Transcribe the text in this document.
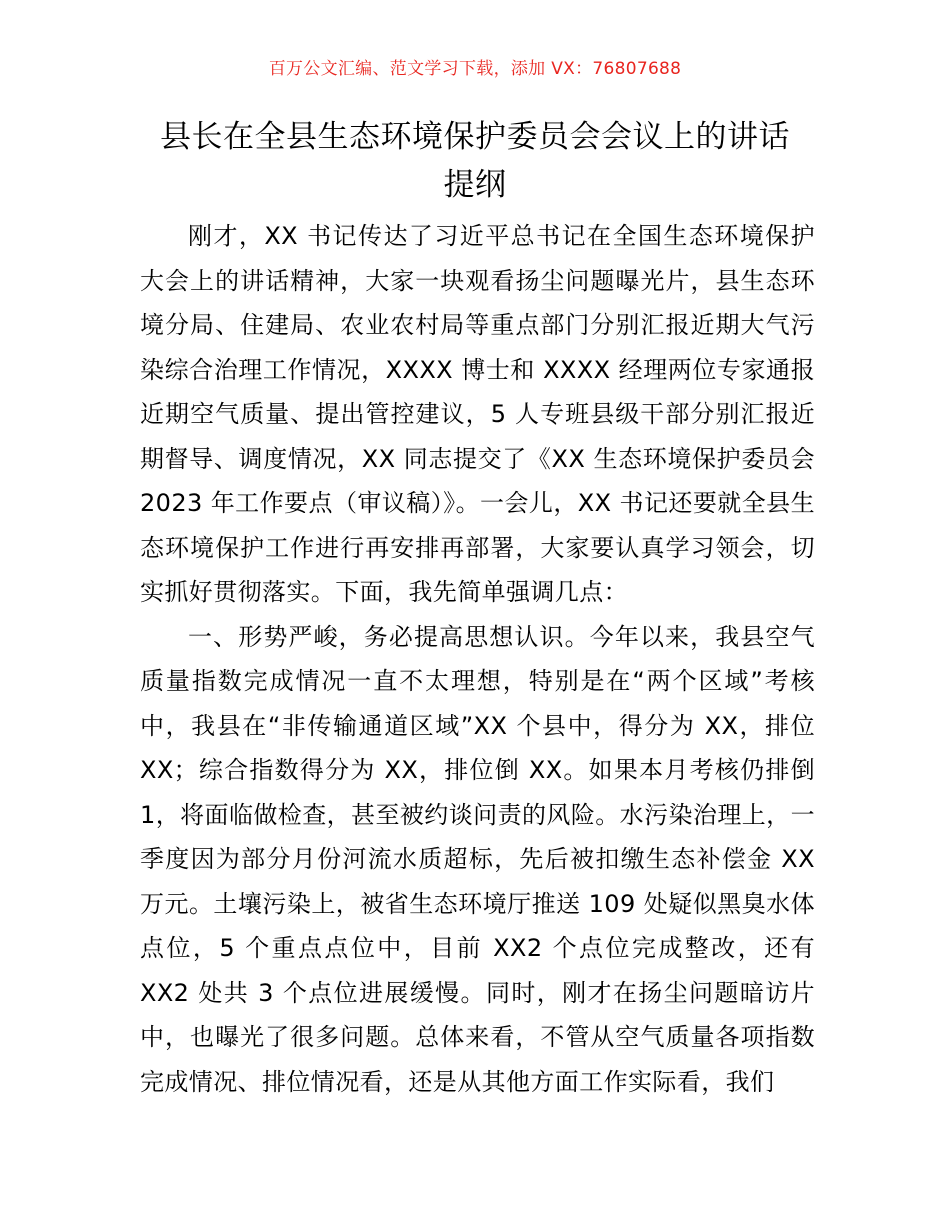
百万公文汇编、范文学习下载，添加 VX：76807688
县长在全县生态环境保护委员会会议上的讲话提纲

刚才，XX 书记传达了习近平总书记在全国生态环境保护大会上的讲话精神，大家一块观看扬尘问题曝光片，县生态环境分局、住建局、农业农村局等重点部门分别汇报近期大气污染综合治理工作情况，XXXX 博士和 XXXX 经理两位专家通报近期空气质量、提出管控建议，5 人专班县级干部分别汇报近期督导、调度情况，XX 同志提交了《XX 生态环境保护委员会 2023 年工作要点（审议稿）》。一会儿，XX 书记还要就全县生态环境保护工作进行再安排再部署，大家要认真学习领会，切实抓好贯彻落实。下面，我先简单强调几点：

一、形势严峻，务必提高思想认识。今年以来，我县空气质量指数完成情况一直不太理想，特别是在“两个区域”考核中，我县在“非传输通道区域”XX 个县中，得分为 XX，排位 XX；综合指数得分为 XX，排位倒 XX。如果本月考核仍排倒 1，将面临做检查，甚至被约谈问责的风险。水污染治理上，一季度因为部分月份河流水质超标，先后被扣缴生态补偿金 XX 万元。土壤污染上，被省生态环境厅推送 109 处疑似黑臭水体点位，5 个重点点位中，目前 XX2 个点位完成整改，还有 XX2 处共 3 个点位进展缓慢。同时，刚才在扬尘问题暗访片中，也曝光了很多问题。总体来看，不管从空气质量各项指数完成情况、排位情况看，还是从其他方面工作实际看，我们
